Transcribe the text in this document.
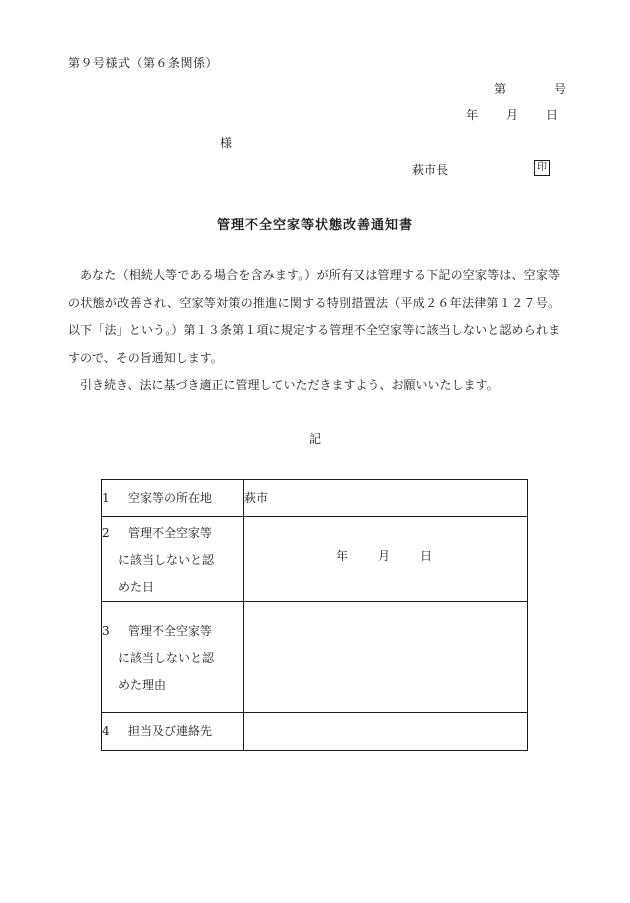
第９号様式（第６条関係）
第	号
年 月 日
様
萩市長	印
管理不全空家等状態改善通知書

あなた（相続人等である場合を含みます。）が所有又は管理する下記の空家等は、空家等の状態が改善され、空家等対策の推進に関する特別措置法（平成２６年法律第１２７号。以下「法」という。）第１３条第１項に規定する管理不全空家等に該当しないと認められますので、その旨通知します。

引き続き、法に基づき適正に管理していただきますよう、お願いいたします。

記
1 空家等の所在地	萩市

2 管理不全空家等
に該当しないと認
めた日	年 月 日

3 管理不全空家等
に該当しないと認
めた理由	

4 担当及び連絡先	
